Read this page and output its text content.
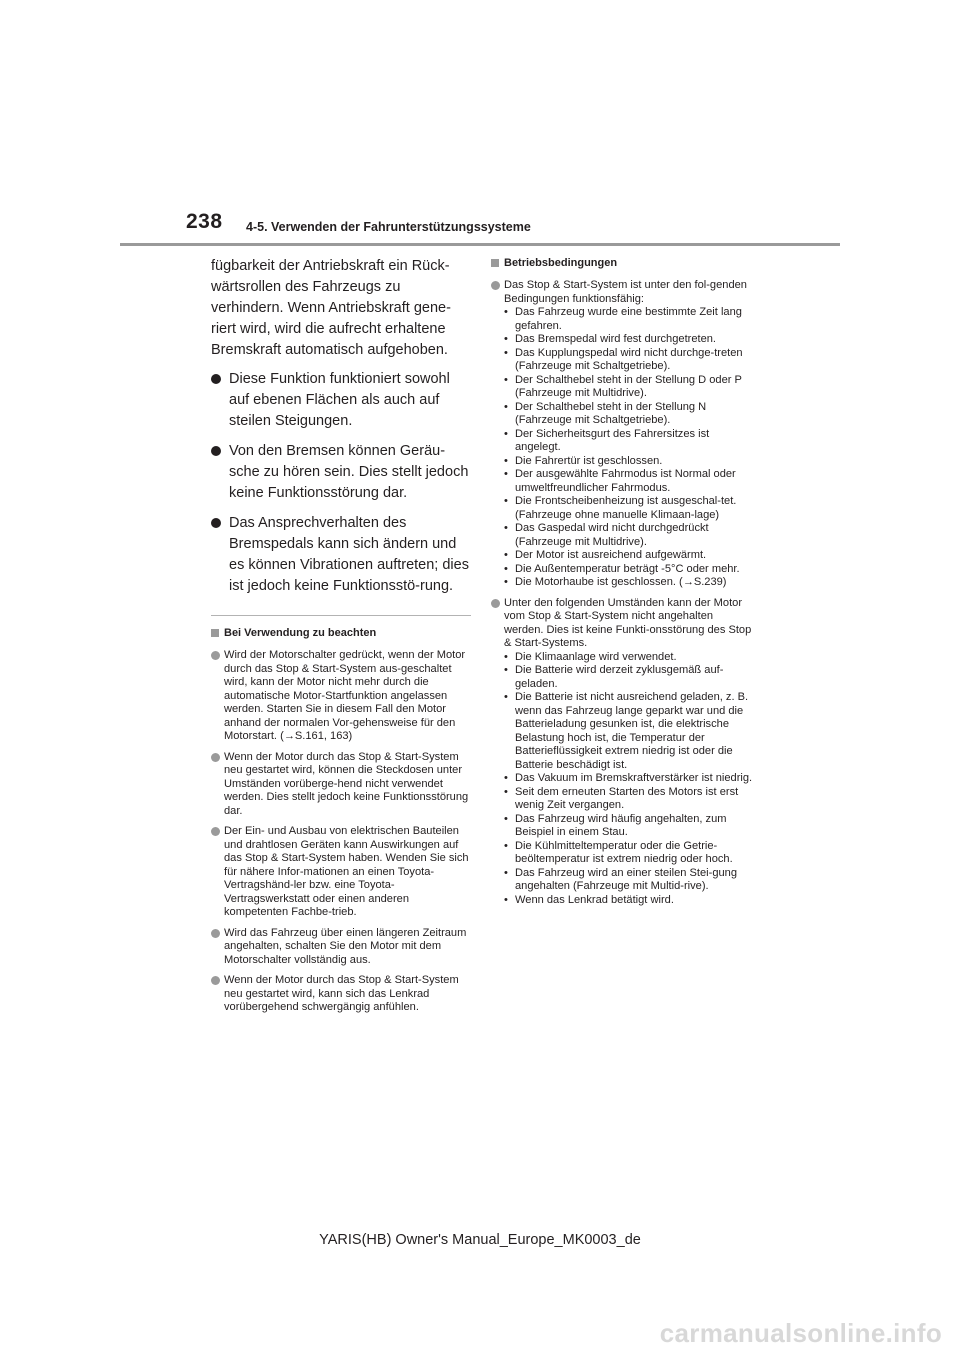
238 4-5. Verwenden der Fahrunterstützungssysteme

fügbarkeit der Antriebskraft ein Rück-wärtsrollen des Fahrzeugs zu verhindern. Wenn Antriebskraft gene-riert wird, wird die aufrecht erhaltene Bremskraft automatisch aufgehoben.

Diese Funktion funktioniert sowohl auf ebenen Flächen als auch auf steilen Steigungen.
Von den Bremsen können Geräu-sche zu hören sein. Dies stellt jedoch keine Funktionsstörung dar.
Das Ansprechverhalten des Bremspedals kann sich ändern und es können Vibrationen auftreten; dies ist jedoch keine Funktionsstö-rung.
Bei Verwendung zu beachten
Wird der Motorschalter gedrückt, wenn der Motor durch das Stop & Start-System aus-geschaltet wird, kann der Motor nicht mehr durch die automatische Motor-Startfunktion angelassen werden. Starten Sie in diesem Fall den Motor anhand der normalen Vor-gehensweise für den Motorstart. (→S.161, 163)
Wenn der Motor durch das Stop & Start-System neu gestartet wird, können die Steckdosen unter Umständen vorüberge-hend nicht verwendet werden. Dies stellt jedoch keine Funktionsstörung dar.
Der Ein- und Ausbau von elektrischen Bauteilen und drahtlosen Geräten kann Auswirkungen auf das Stop & Start-System haben. Wenden Sie sich für nähere Infor-mationen an einen Toyota-Vertragshänd-ler bzw. eine Toyota-Vertragswerkstatt oder einen anderen kompetenten Fachbe-trieb.
Wird das Fahrzeug über einen längeren Zeitraum angehalten, schalten Sie den Motor mit dem Motorschalter vollständig aus.
Wenn der Motor durch das Stop & Start-System neu gestartet wird, kann sich das Lenkrad vorübergehend schwergängig anfühlen.
Betriebsbedingungen
Das Stop & Start-System ist unter den fol-genden Bedingungen funktionsfähig:
• Das Fahrzeug wurde eine bestimmte Zeit lang gefahren.
• Das Bremspedal wird fest durchgetreten.
• Das Kupplungspedal wird nicht durchge-treten (Fahrzeuge mit Schaltgetriebe).
• Der Schalthebel steht in der Stellung D oder P (Fahrzeuge mit Multidrive).
• Der Schalthebel steht in der Stellung N (Fahrzeuge mit Schaltgetriebe).
• Der Sicherheitsgurt des Fahrersitzes ist angelegt.
• Die Fahrertür ist geschlossen.
• Der ausgewählte Fahrmodus ist Normal oder umweltfreundlicher Fahrmodus.
• Die Frontscheibenheizung ist ausgeschal-tet. (Fahrzeuge ohne manuelle Klimaan-lage)
• Das Gaspedal wird nicht durchgedrückt (Fahrzeuge mit Multidrive).
• Der Motor ist ausreichend aufgewärmt.
• Die Außentemperatur beträgt -5°C oder mehr.
• Die Motorhaube ist geschlossen. (→S.239)
Unter den folgenden Umständen kann der Motor vom Stop & Start-System nicht angehalten werden. Dies ist keine Funkti-onsstörung des Stop & Start-Systems.
• Die Klimaanlage wird verwendet.
• Die Batterie wird derzeit zyklusgemäß auf-geladen.
• Die Batterie ist nicht ausreichend geladen, z. B. wenn das Fahrzeug lange geparkt war und die Batterieladung gesunken ist, die elektrische Belastung hoch ist, die Temperatur der Batterieflüssigkeit extrem niedrig ist oder die Batterie beschädigt ist.
• Das Vakuum im Bremskraftverstärker ist niedrig.
• Seit dem erneuten Starten des Motors ist erst wenig Zeit vergangen.
• Das Fahrzeug wird häufig angehalten, zum Beispiel in einem Stau.
• Die Kühlmitteltemperatur oder die Getrie-beöltemperatur ist extrem niedrig oder hoch.
• Das Fahrzeug wird an einer steilen Stei-gung angehalten (Fahrzeuge mit Multid-rive).
• Wenn das Lenkrad betätigt wird.
YARIS(HB) Owner's Manual_Europe_MK0003_de
carmanualsonline.info
